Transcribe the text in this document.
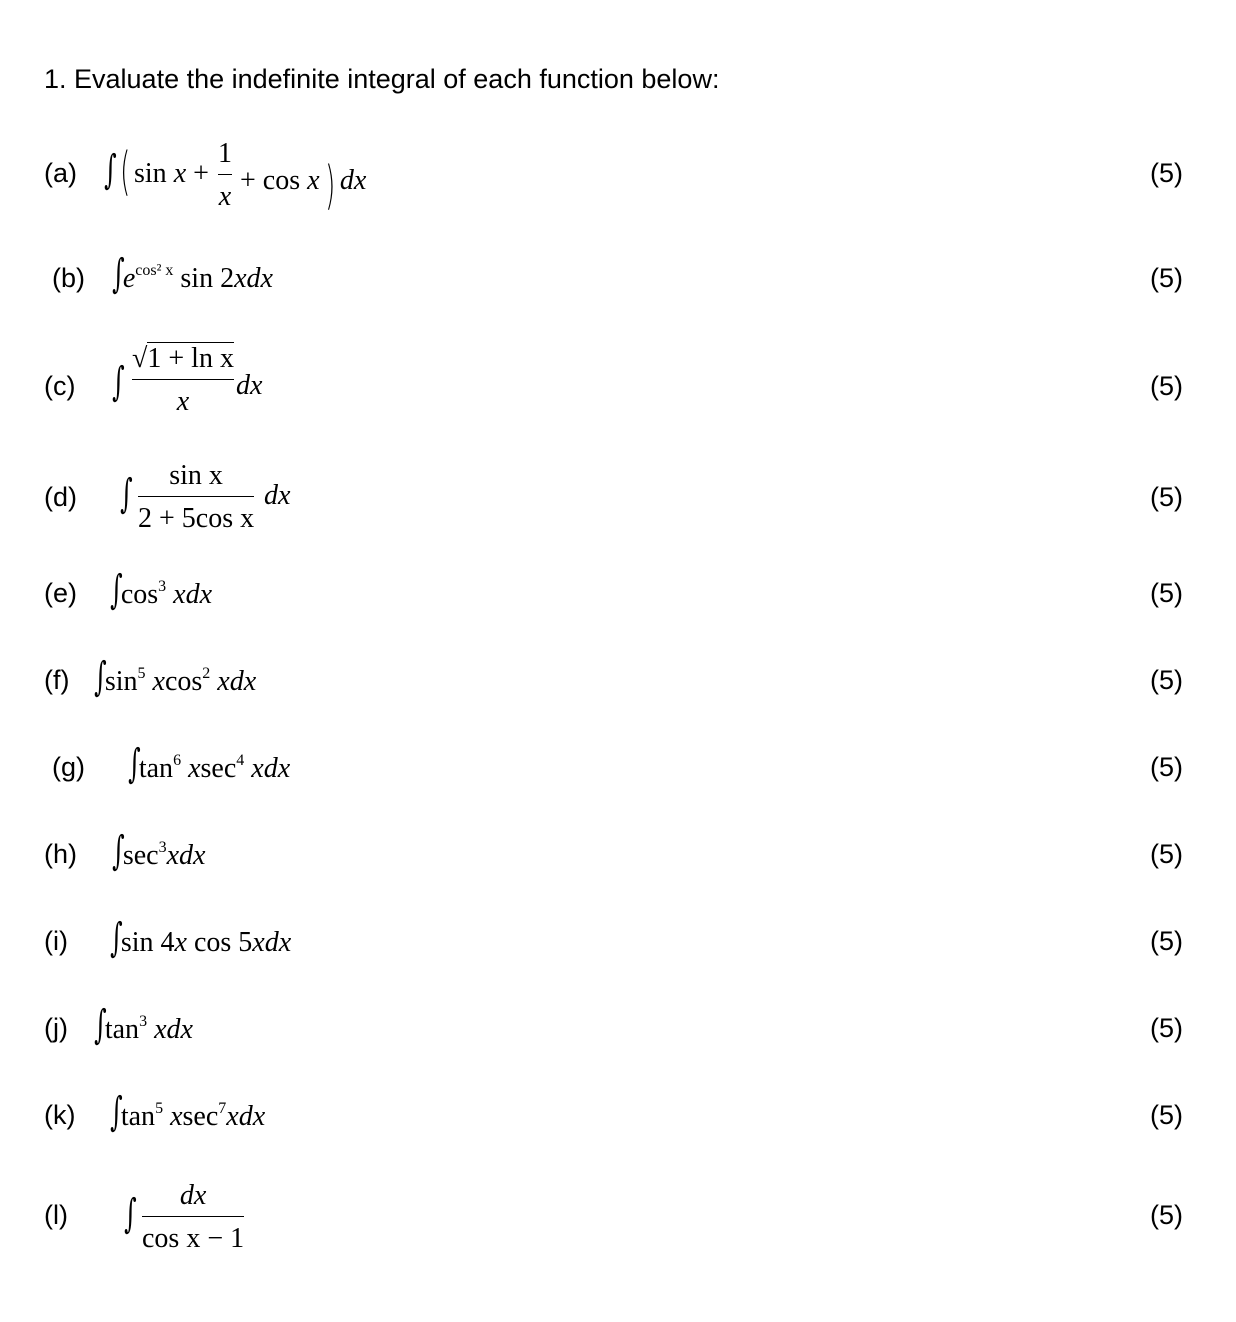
1. Evaluate the indefinite integral of each function below:
(a) ∫( sin x +
1
x
+ cos x) dx	(5)
(b) $\int e^{cos^2 x}$ sin 2xdx	(5)
(c) ∫
√1 + ln x
x
dx	(5)
(d) ∫ sin x
2 + 5cos x
dx	(5)
(e) $\int\cos^3$ xdx	(5)
(f) $\int\sin^5$ xcos$^2$ xdx	(5)
(g) $\int\tan^6$ xsec$^4$ xdx	(5)
(h) $\int\sec^3xdx$	(5)
(i) ∫sin 4x cos 5xdx	(5)
(j) $\int\tan^3$ xdx	(5)
(k) $\int\tan^5$ xsec$^7$xdx	(5)
(l) ∫ dx
cos x − 1
(5)
